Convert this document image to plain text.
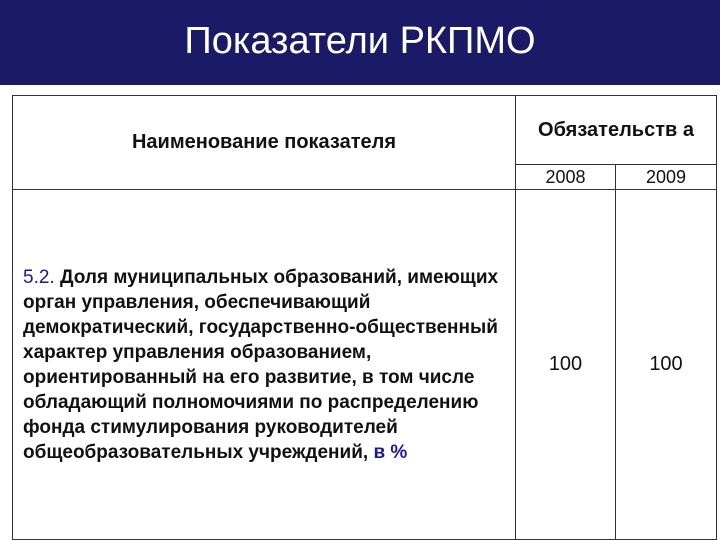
Показатели РКПМО
Наименование показателя	Обязательств а	
	2008	2009
5.2. Доля муниципальных образований, имеющих орган управления, обеспечивающий демократический, государственно-общественный характер управления образованием, ориентированный на его развитие, в том числе обладающий полномочиями по распределению фонда стимулирования руководителей общеобразовательных учреждений, в %	100	100
